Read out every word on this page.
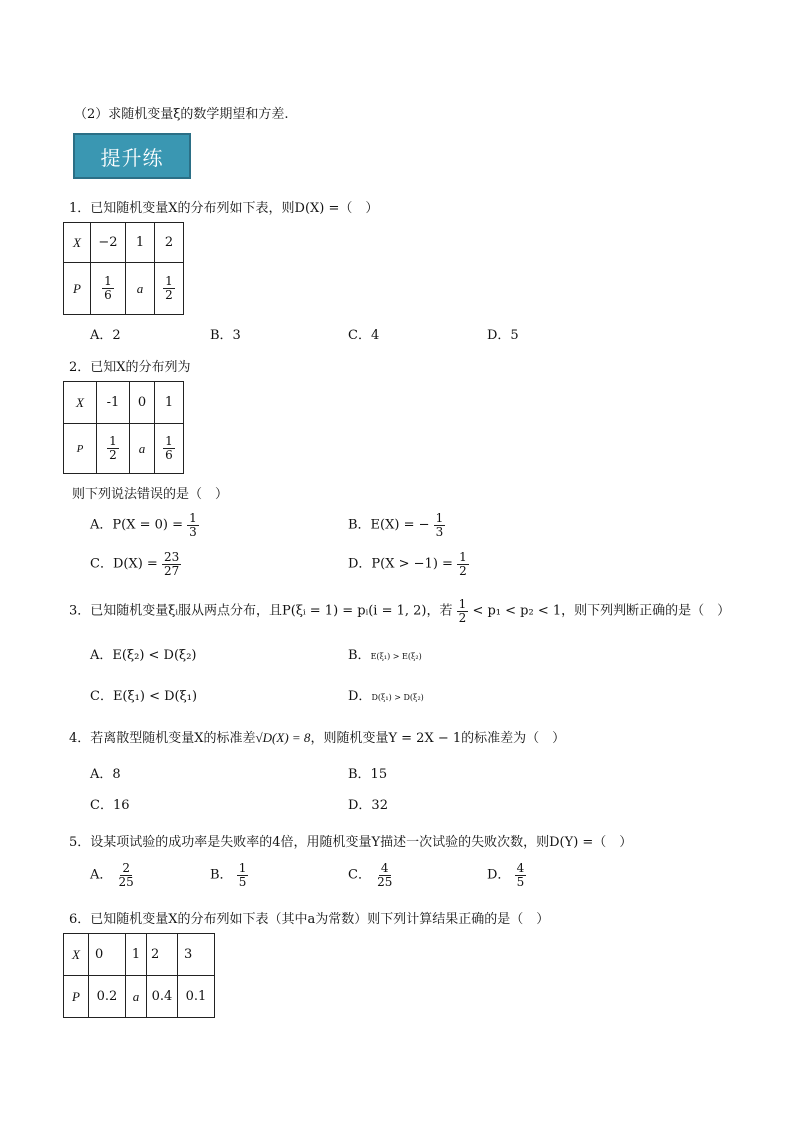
（2）求随机变量ξ的数学期望和方差.
提升练
1．已知随机变量X的分布列如下表，则D(X) =（　）
X	−2	1	2
P	$\frac{1}{6}$	a	$\frac{1}{2}$
A．2	B．3	C．4	D．5
2．已知X的分布列为
X	-1	0	1
P	$\frac{1}{2}$	a	$\frac{1}{6}$
则下列说法错误的是（　）
A．$P(X = 0) = \frac{1}{3}$	B．E(X) = − $\frac{1}{3}$
C．$D(X) = \frac{23}{27}$	D．$P(X > -1) = \frac{1}{2}$
3．已知随机变量ξᵢ服从两点分布，且P(ξᵢ = 1) = pᵢ(i = 1, 2)，若 $\frac{1}{2} < p_1 < p_2 < 1$，则下列判断正确的是（　）
A．E(ξ₂) < D(ξ₂)	B．E(ξ₁) > E(ξ₂)
C．E(ξ₁) < D(ξ₁)	D．D(ξ₁) > D(ξ₂)
4．若离散型随机变量X的标准差√D(X) = 8，则随机变量Y = 2X − 1的标准差为（　）
A．8	B．15
C．16	D．32
5．设某项试验的成功率是失败率的4倍，用随机变量Y描述一次试验的失败次数，则D(Y) =（　）
A． $\frac{2}{25}$	B． $\frac{1}{5}$	C． $\frac{4}{25}$	D． $\frac{4}{5}$
6．已知随机变量X的分布列如下表（其中a为常数）则下列计算结果正确的是（　）
X	0	1	2	3
P	0.2	a	0.4	0.1
